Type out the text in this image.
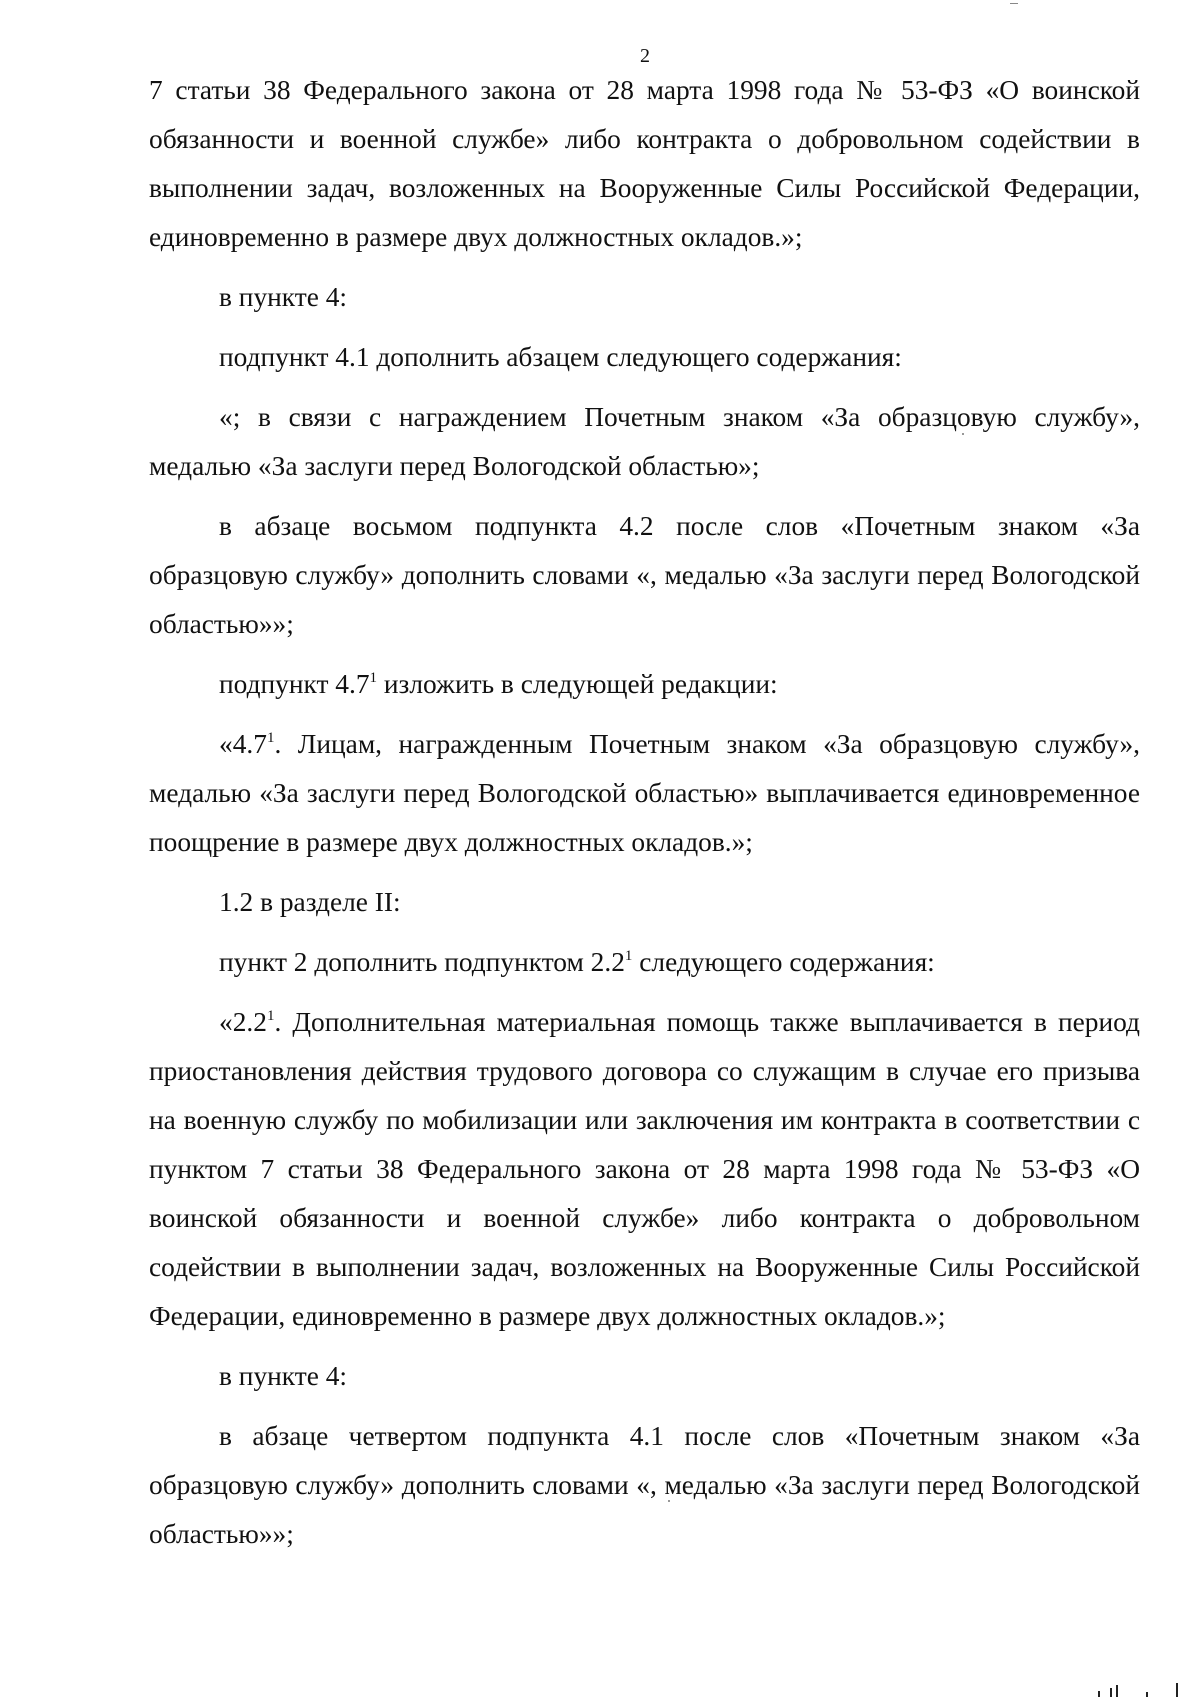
2

7 статьи 38 Федерального закона от 28 марта 1998 года № 53-ФЗ «О воинской обязанности и военной службе» либо контракта о добровольном содействии в выполнении задач, возложенных на Вооруженные Силы Российской Федерации, единовременно в размере двух должностных окладов.»;

в пункте 4:

подпункт 4.1 дополнить абзацем следующего содержания:

«; в связи с награждением Почетным знаком «За образцовую службу», медалью «За заслуги перед Вологодской областью»;

в абзаце восьмом подпункта 4.2 после слов «Почетным знаком «За образцовую службу» дополнить словами «, медалью «За заслуги перед Вологодской областью»»;

подпункт $4.7^1$ изложить в следующей редакции:

«$4.7^1$. Лицам, награжденным Почетным знаком «За образцовую службу», медалью «За заслуги перед Вологодской областью» выплачивается единовременное поощрение в размере двух должностных окладов.»;

1.2 в разделе II:

пункт 2 дополнить подпунктом $2.2^1$ следующего содержания:

«$2.2^1$. Дополнительная материальная помощь также выплачивается в период приостановления действия трудового договора со служащим в случае его призыва на военную службу по мобилизации или заключения им контракта в соответствии с пунктом 7 статьи 38 Федерального закона от 28 марта 1998 года № 53-ФЗ «О воинской обязанности и военной службе» либо контракта о добровольном содействии в выполнении задач, возложенных на Вооруженные Силы Российской Федерации, единовременно в размере двух должностных окладов.»;

в пункте 4:

в абзаце четвертом подпункта 4.1 после слов «Почетным знаком «За образцовую службу» дополнить словами «, медалью «За заслуги перед Вологодской областью»»;
